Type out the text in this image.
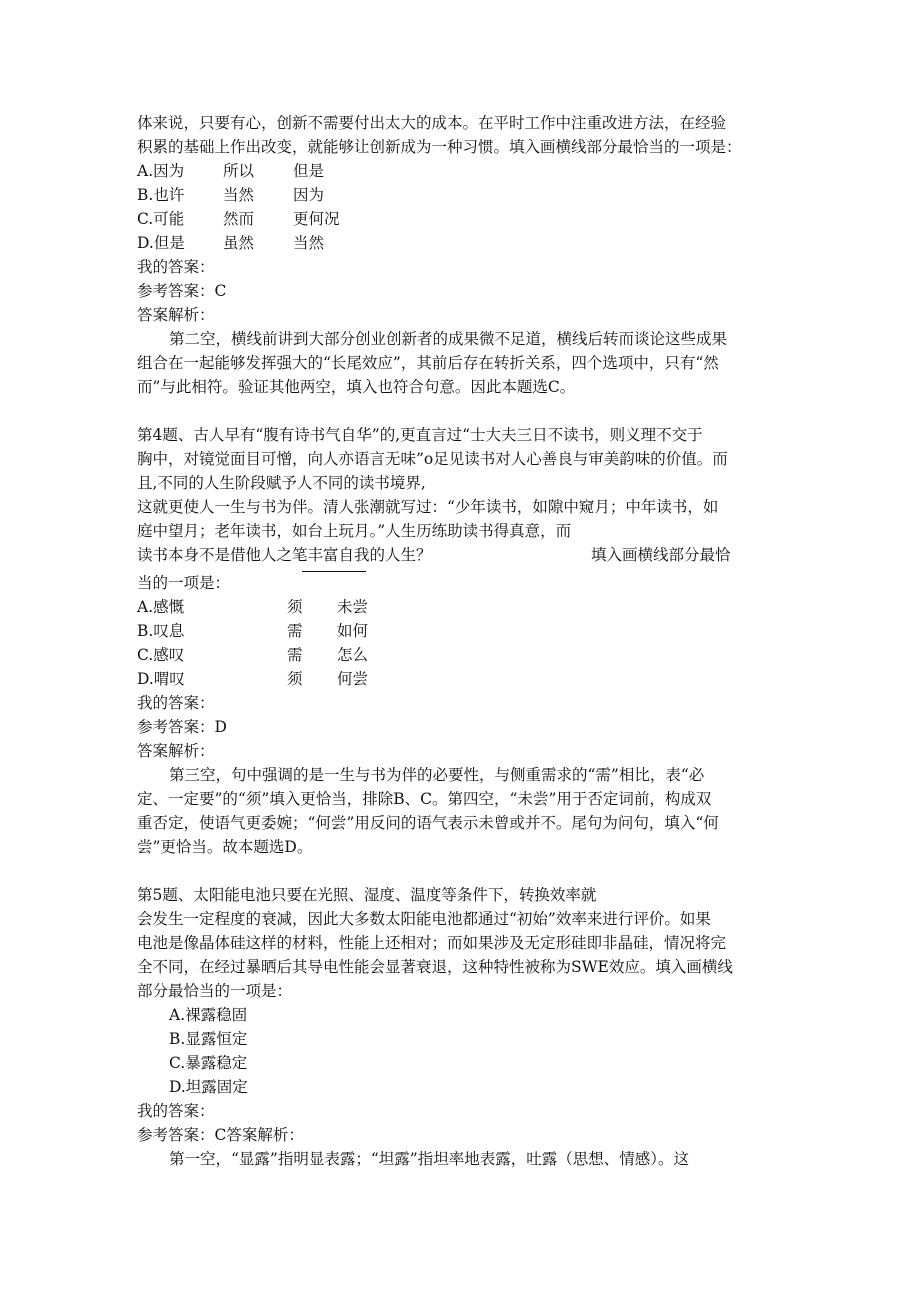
体来说，只要有心，创新不需要付出太大的成本。在平时工作中注重改进方法，在经验
积累的基础上作出改变，就能够让创新成为一种习惯。填入画横线部分最恰当的一项是：
A.因为	所以	但是
B.也许	当然	因为
C.可能	然而	更何况
D.但是	虽然	当然
我的答案：
参考答案：C
答案解析：
第二空，横线前讲到大部分创业创新者的成果微不足道，横线后转而谈论这些成果
组合在一起能够发挥强大的“长尾效应”，其前后存在转折关系，四个选项中，只有“然
而”与此相符。验证其他两空，填入也符合句意。因此本题选C。
第4题、古人早有“腹有诗书气自华”的,更直言过“士大夫三日不读书，则义理不交于
胸中，对镜觉面目可憎，向人亦语言无味”o足见读书对人心善良与审美韵味的价值。而
且,不同的人生阶段赋予人不同的读书境界,
这就更使人一生与书为伴。清人张潮就写过：“少年读书，如隙中窥月；中年读书，如
庭中望月；老年读书，如台上玩月。”人生历练助读书得真意，而
读书本身不是借他人之笔丰富自我的人生？	填入画横线部分最恰
当的一项是：
A.感慨	须	未尝
B.叹息	需	如何
C.感叹	需	怎么
D.喟叹	须	何尝
我的答案：
参考答案：D
答案解析：
第三空，句中强调的是一生与书为伴的必要性，与侧重需求的“需”相比，表“必
定、一定要”的“须”填入更恰当，排除B、C。第四空，“未尝”用于否定词前，构成双
重否定，使语气更委婉；“何尝”用反问的语气表示未曾或并不。尾句为问句，填入“何
尝”更恰当。故本题选D。
第5题、太阳能电池只要在光照、湿度、温度等条件下，转换效率就
会发生一定程度的衰减，因此大多数太阳能电池都通过“初始”效率来进行评价。如果
电池是像晶体硅这样的材料，性能上还相对；而如果涉及无定形硅即非晶硅，情况将完
全不同，在经过暴晒后其导电性能会显著衰退，这种特性被称为SWE效应。填入画横线
部分最恰当的一项是：
A.裸露稳固
B.显露恒定
C.暴露稳定
D.坦露固定
我的答案：
参考答案：C答案解析：
第一空，“显露”指明显表露；“坦露”指坦率地表露，吐露（思想、情感）。这
